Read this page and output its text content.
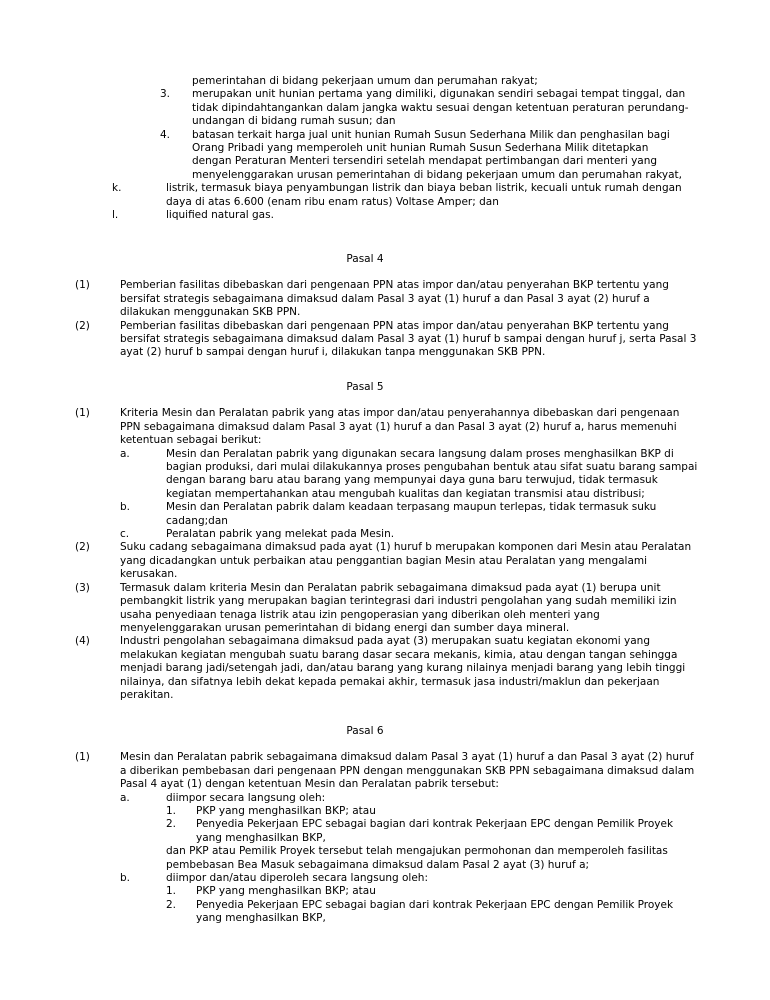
pemerintahan di bidang pekerjaan umum dan perumahan rakyat;
3.	merupakan unit hunian pertama yang dimiliki, digunakan sendiri sebagai tempat tinggal, dan tidak dipindahtangankan dalam jangka waktu sesuai dengan ketentuan peraturan perundang-undangan di bidang rumah susun; dan
4.	batasan terkait harga jual unit hunian Rumah Susun Sederhana Milik dan penghasilan bagi Orang Pribadi yang memperoleh unit hunian Rumah Susun Sederhana Milik ditetapkan dengan Peraturan Menteri tersendiri setelah mendapat pertimbangan dari menteri yang menyelenggarakan urusan pemerintahan di bidang pekerjaan umum dan perumahan rakyat,
k.	listrik, termasuk biaya penyambungan listrik dan biaya beban listrik, kecuali untuk rumah dengan daya di atas 6.600 (enam ribu enam ratus) Voltase Amper; dan
l.	liquified natural gas.
Pasal 4
(1)	Pemberian fasilitas dibebaskan dari pengenaan PPN atas impor dan/atau penyerahan BKP tertentu yang bersifat strategis sebagaimana dimaksud dalam Pasal 3 ayat (1) huruf a dan Pasal 3 ayat (2) huruf a dilakukan menggunakan SKB PPN.
(2)	Pemberian fasilitas dibebaskan dari pengenaan PPN atas impor dan/atau penyerahan BKP tertentu yang bersifat strategis sebagaimana dimaksud dalam Pasal 3 ayat (1) huruf b sampai dengan huruf j, serta Pasal 3 ayat (2) huruf b sampai dengan huruf i, dilakukan tanpa menggunakan SKB PPN.
Pasal 5
(1)	Kriteria Mesin dan Peralatan pabrik yang atas impor dan/atau penyerahannya dibebaskan dari pengenaan PPN sebagaimana dimaksud dalam Pasal 3 ayat (1) huruf a dan Pasal 3 ayat (2) huruf a, harus memenuhi ketentuan sebagai berikut:
a.	Mesin dan Peralatan pabrik yang digunakan secara langsung dalam proses menghasilkan BKP di bagian produksi, dari mulai dilakukannya proses pengubahan bentuk atau sifat suatu barang sampai dengan barang baru atau barang yang mempunyai daya guna baru terwujud, tidak termasuk kegiatan mempertahankan atau mengubah kualitas dan kegiatan transmisi atau distribusi;
b.	Mesin dan Peralatan pabrik dalam keadaan terpasang maupun terlepas, tidak termasuk suku cadang;dan
c.	Peralatan pabrik yang melekat pada Mesin.
(2)	Suku cadang sebagaimana dimaksud pada ayat (1) huruf b merupakan komponen dari Mesin atau Peralatan yang dicadangkan untuk perbaikan atau penggantian bagian Mesin atau Peralatan yang mengalami kerusakan.
(3)	Termasuk dalam kriteria Mesin dan Peralatan pabrik sebagaimana dimaksud pada ayat (1) berupa unit pembangkit listrik yang merupakan bagian terintegrasi dari industri pengolahan yang sudah memiliki izin usaha penyediaan tenaga listrik atau izin pengoperasian yang diberikan oleh menteri yang menyelenggarakan urusan pemerintahan di bidang energi dan sumber daya mineral.
(4)	Industri pengolahan sebagaimana dimaksud pada ayat (3) merupakan suatu kegiatan ekonomi yang melakukan kegiatan mengubah suatu barang dasar secara mekanis, kimia, atau dengan tangan sehingga menjadi barang jadi/setengah jadi, dan/atau barang yang kurang nilainya menjadi barang yang lebih tinggi nilainya, dan sifatnya lebih dekat kepada pemakai akhir, termasuk jasa industri/maklun dan pekerjaan perakitan.
Pasal 6
(1)	Mesin dan Peralatan pabrik sebagaimana dimaksud dalam Pasal 3 ayat (1) huruf a dan Pasal 3 ayat (2) huruf a diberikan pembebasan dari pengenaan PPN dengan menggunakan SKB PPN sebagaimana dimaksud dalam Pasal 4 ayat (1) dengan ketentuan Mesin dan Peralatan pabrik tersebut:
a.	diimpor secara langsung oleh:
1.	PKP yang menghasilkan BKP; atau
2.	Penyedia Pekerjaan EPC sebagai bagian dari kontrak Pekerjaan EPC dengan Pemilik Proyek yang menghasilkan BKP,
dan PKP atau Pemilik Proyek tersebut telah mengajukan permohonan dan memperoleh fasilitas pembebasan Bea Masuk sebagaimana dimaksud dalam Pasal 2 ayat (3) huruf a;
b.	diimpor dan/atau diperoleh secara langsung oleh:
1.	PKP yang menghasilkan BKP; atau
2.	Penyedia Pekerjaan EPC sebagai bagian dari kontrak Pekerjaan EPC dengan Pemilik Proyek yang menghasilkan BKP,
